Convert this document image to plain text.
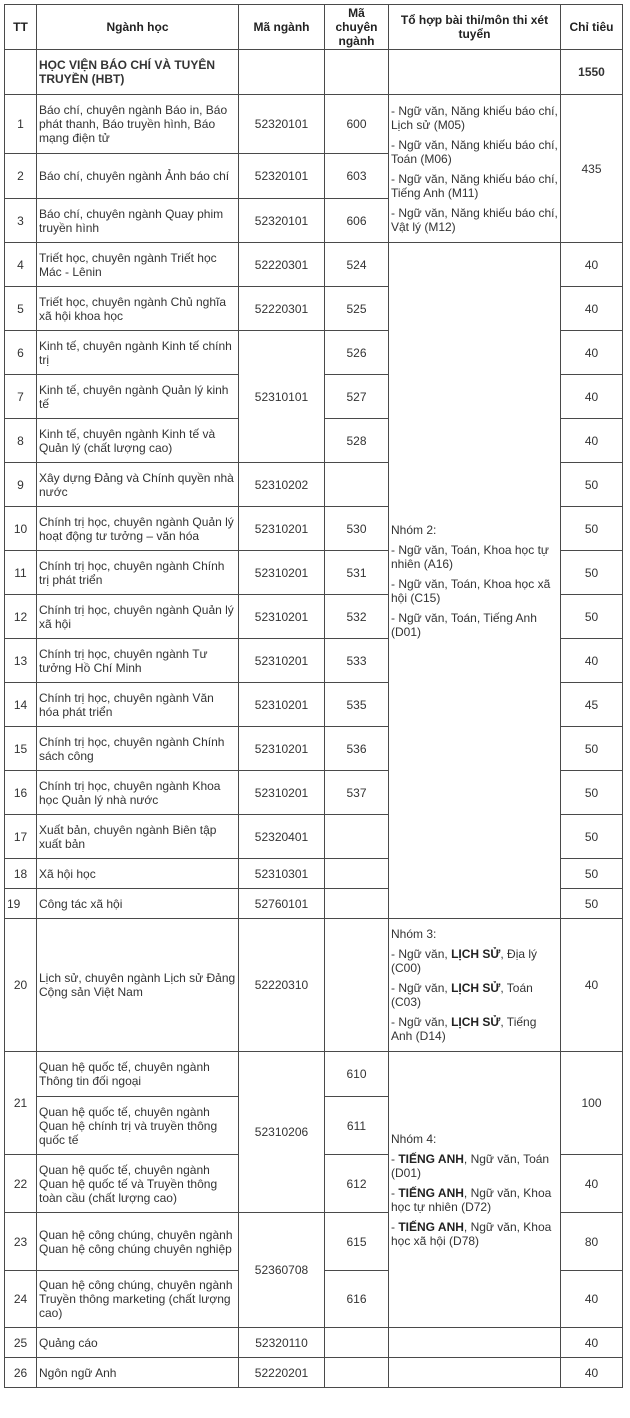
TT	Ngành học	Mã ngành	Mã chuyên ngành	Tổ hợp bài thi/môn thi xét tuyển	Chỉ tiêu
	HỌC VIỆN BÁO CHÍ VÀ TUYÊN TRUYỀN (HBT)				1550
1	Báo chí, chuyên ngành Báo in, Báo phát thanh, Báo truyền hình, Báo mạng điện tử	52320101	600	- Ngữ văn, Năng khiếu báo chí, Lịch sử (M05)
- Ngữ văn, Năng khiếu báo chí, Toán (M06)
- Ngữ văn, Năng khiếu báo chí, Tiếng Anh (M11)
- Ngữ văn, Năng khiếu báo chí, Vật lý (M12)	435
2	Báo chí, chuyên ngành Ảnh báo chí	52320101	603		
3	Báo chí, chuyên ngành Quay phim truyền hình	52320101	606		
4	Triết học, chuyên ngành Triết học Mác - Lênin	52220301	524	Nhóm 2:
- Ngữ văn, Toán, Khoa học tự nhiên (A16)
- Ngữ văn, Toán, Khoa học xã hội (C15)
- Ngữ văn, Toán, Tiếng Anh (D01)	40
5	Triết học, chuyên ngành Chủ nghĩa xã hội khoa học	52220301	525		40
6	Kinh tế, chuyên ngành Kinh tế chính trị	52310101	526		40
7	Kinh tế, chuyên ngành Quản lý kinh tế		527		40
8	Kinh tế, chuyên ngành Kinh tế và Quản lý (chất lượng cao)		528		40
9	Xây dựng Đảng và Chính quyền nhà nước	52310202			50
10	Chính trị học, chuyên ngành Quản lý hoạt động tư tưởng – văn hóa	52310201	530		50
11	Chính trị học, chuyên ngành Chính trị phát triển	52310201	531		50
12	Chính trị học, chuyên ngành Quản lý xã hội	52310201	532		50
13	Chính trị học, chuyên ngành Tư tưởng Hồ Chí Minh	52310201	533		40
14	Chính trị học, chuyên ngành Văn hóa phát triển	52310201	535		45
15	Chính trị học, chuyên ngành Chính sách công	52310201	536		50
16	Chính trị học, chuyên ngành Khoa học Quản lý nhà nước	52310201	537		50
17	Xuất bản, chuyên ngành Biên tập xuất bản	52320401			50
18	Xã hội học	52310301			50
19	Công tác xã hội	52760101			50
20	Lịch sử, chuyên ngành Lịch sử Đảng Cộng sản Việt Nam	52220310		Nhóm 3:
- Ngữ văn, LỊCH SỬ, Địa lý (C00)
- Ngữ văn, LỊCH SỬ, Toán (C03)
- Ngữ văn, LỊCH SỬ, Tiếng Anh (D14)	40
21	Quan hệ quốc tế, chuyên ngành Thông tin đối ngoại	52310206	610	Nhóm 4:
- TIẾNG ANH, Ngữ văn, Toán (D01)
- TIẾNG ANH, Ngữ văn, Khoa học tự nhiên (D72)
- TIẾNG ANH, Ngữ văn, Khoa học xã hội (D78)	100
	Quan hệ quốc tế, chuyên ngành Quan hệ chính trị và truyền thông quốc tế		611		
22	Quan hệ quốc tế, chuyên ngành Quan hệ quốc tế và Truyền thông toàn cầu (chất lượng cao)		612		40
23	Quan hệ công chúng, chuyên ngành Quan hệ công chúng chuyên nghiệp	52360708	615		80
24	Quan hệ công chúng, chuyên ngành Truyền thông marketing (chất lượng cao)		616		40
25	Quảng cáo	52320110			40
26	Ngôn ngữ Anh	52220201			40
